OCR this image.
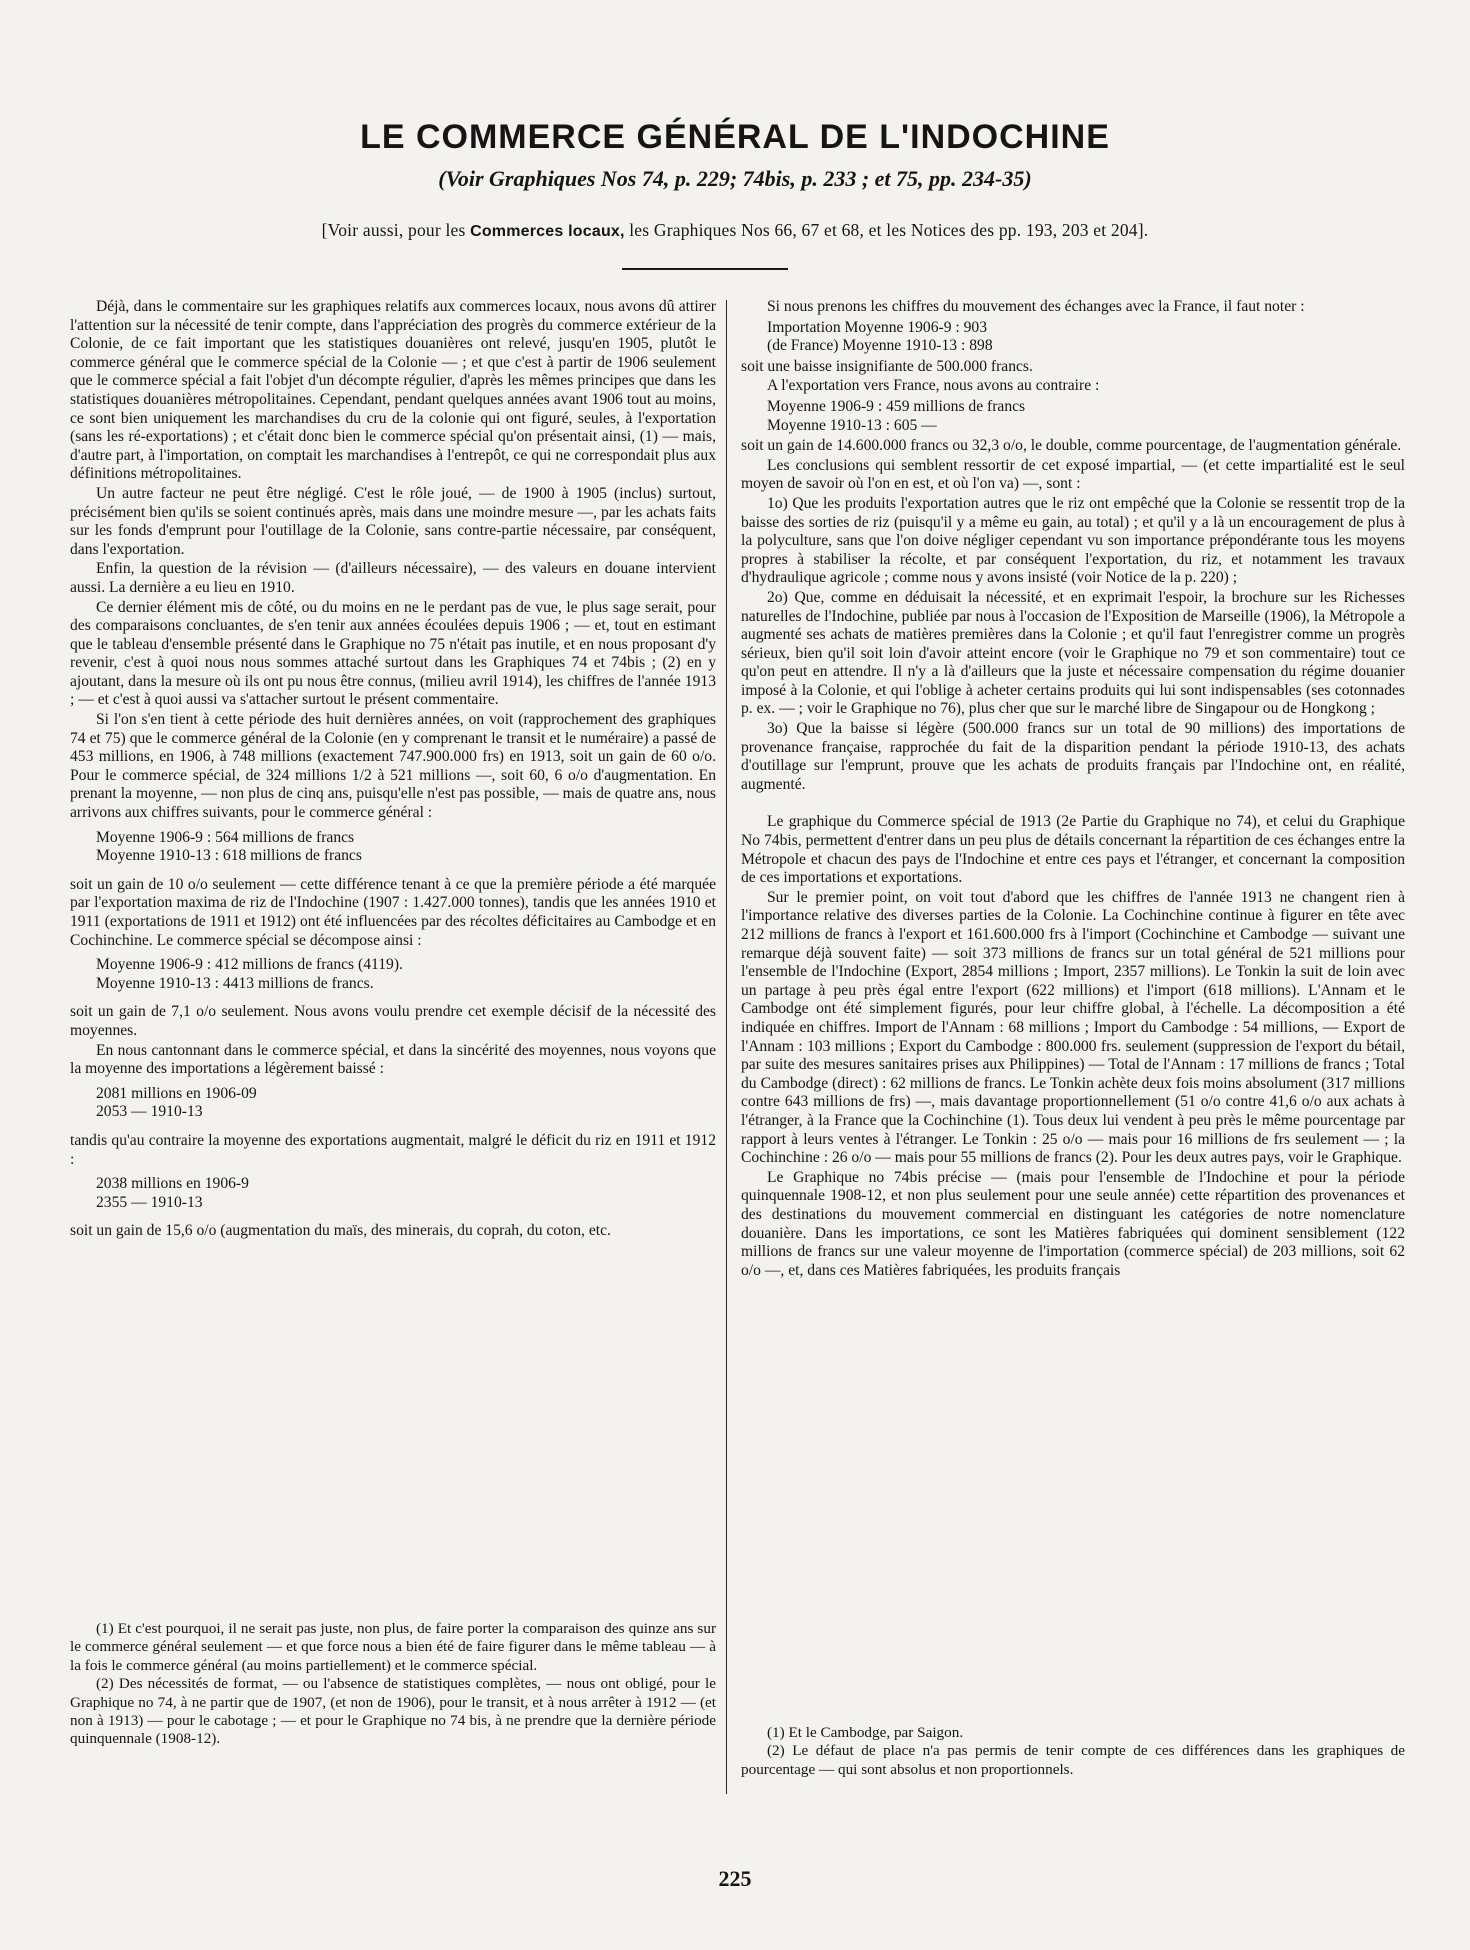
LE COMMERCE GÉNÉRAL DE L'INDOCHINE
(Voir Graphiques Nos 74, p. 229; 74bis, p. 233 ; et 75, pp. 234-35)
[Voir aussi, pour les Commerces locaux, les Graphiques Nos 66, 67 et 68, et les Notices des pp. 193, 203 et 204].

Déjà, dans le commentaire sur les graphiques relatifs aux commerces locaux, nous avons dû attirer l'attention sur la nécessité de tenir compte, dans l'appréciation des progrès du commerce extérieur de la Colonie, de ce fait important que les statistiques douanières ont relevé, jusqu'en 1905, plutôt le commerce général que le commerce spécial de la Colonie — ; et que c'est à partir de 1906 seulement que le commerce spécial a fait l'objet d'un décompte régulier, d'après les mêmes principes que dans les statistiques douanières métropolitaines. Cependant, pendant quelques années avant 1906 tout au moins, ce sont bien uniquement les marchandises du cru de la colonie qui ont figuré, seules, à l'exportation (sans les ré-exportations) ; et c'était donc bien le commerce spécial qu'on présentait ainsi, (1) — mais, d'autre part, à l'importation, on comptait les marchandises à l'entrepôt, ce qui ne correspondait plus aux définitions métropolitaines.

Un autre facteur ne peut être négligé. C'est le rôle joué, — de 1900 à 1905 (inclus) surtout, précisément bien qu'ils se soient continués après, mais dans une moindre mesure —, par les achats faits sur les fonds d'emprunt pour l'outillage de la Colonie, sans contre-partie nécessaire, par conséquent, dans l'exportation.

Enfin, la question de la révision — (d'ailleurs nécessaire), — des valeurs en douane intervient aussi. La dernière a eu lieu en 1910.

Ce dernier élément mis de côté, ou du moins en ne le perdant pas de vue, le plus sage serait, pour des comparaisons concluantes, de s'en tenir aux années écoulées depuis 1906 ; — et, tout en estimant que le tableau d'ensemble présenté dans le Graphique no 75 n'était pas inutile, et en nous proposant d'y revenir, c'est à quoi nous nous sommes attaché surtout dans les Graphiques 74 et 74bis ; (2) en y ajoutant, dans la mesure où ils ont pu nous être connus, (milieu avril 1914), les chiffres de l'année 1913 ; — et c'est à quoi aussi va s'attacher surtout le présent commentaire.

Si l'on s'en tient à cette période des huit dernières années, on voit (rapprochement des graphiques 74 et 75) que le commerce général de la Colonie (en y comprenant le transit et le numéraire) a passé de 453 millions, en 1906, à 748 millions (exactement 747.900.000 frs) en 1913, soit un gain de 60 o/o. Pour le commerce spécial, de 324 millions 1/2 à 521 millions —, soit 60, 6 o/o d'augmentation. En prenant la moyenne, — non plus de cinq ans, puisqu'elle n'est pas possible, — mais de quatre ans, nous arrivons aux chiffres suivants, pour le commerce général :

Moyenne 1906-9 : 564 millions de francs
Moyenne 1910-13 : 618 millions de francs

soit un gain de 10 o/o seulement — cette différence tenant à ce que la première période a été marquée par l'exportation maxima de riz de l'Indochine (1907 : 1.427.000 tonnes), tandis que les années 1910 et 1911 (exportations de 1911 et 1912) ont été influencées par des récoltes déficitaires au Cambodge et en Cochinchine. Le commerce spécial se décompose ainsi :

Moyenne 1906-9 : 412 millions de francs (4119).
Moyenne 1910-13 : 4413 millions de francs.

soit un gain de 7,1 o/o seulement. Nous avons voulu prendre cet exemple décisif de la nécessité des moyennes.

En nous cantonnant dans le commerce spécial, et dans la sincérité des moyennes, nous voyons que la moyenne des importations a légèrement baissé :

2081 millions en 1906-09
2053 — 1910-13

tandis qu'au contraire la moyenne des exportations augmentait, malgré le déficit du riz en 1911 et 1912 :

2038 millions en 1906-9
2355 — 1910-13

soit un gain de 15,6 o/o (augmentation du maïs, des minerais, du coprah, du coton, etc.

Si nous prenons les chiffres du mouvement des échanges avec la France, il faut noter :

Importation Moyenne 1906-9 : 903
(de France) Moyenne 1910-13 : 898

soit une baisse insignifiante de 500.000 francs.

A l'exportation vers France, nous avons au contraire :

Moyenne 1906-9 : 459 millions de francs
Moyenne 1910-13 : 605 —

soit un gain de 14.600.000 francs ou 32,3 o/o, le double, comme pourcentage, de l'augmentation générale.

Les conclusions qui semblent ressortir de cet exposé impartial, — (et cette impartialité est le seul moyen de savoir où l'on en est, et où l'on va) —, sont :

1o) Que les produits l'exportation autres que le riz ont empêché que la Colonie se ressentit trop de la baisse des sorties de riz (puisqu'il y a même eu gain, au total) ; et qu'il y a là un encouragement de plus à la polyculture, sans que l'on doive négliger cependant vu son importance prépondérante tous les moyens propres à stabiliser la récolte, et par conséquent l'exportation, du riz, et notamment les travaux d'hydraulique agricole ; comme nous y avons insisté (voir Notice de la p. 220) ;

2o) Que, comme en déduisait la nécessité, et en exprimait l'espoir, la brochure sur les Richesses naturelles de l'Indochine, publiée par nous à l'occasion de l'Exposition de Marseille (1906), la Métropole a augmenté ses achats de matières premières dans la Colonie ; et qu'il faut l'enregistrer comme un progrès sérieux, bien qu'il soit loin d'avoir atteint encore (voir le Graphique no 79 et son commentaire) tout ce qu'on peut en attendre. Il n'y a là d'ailleurs que la juste et nécessaire compensation du régime douanier imposé à la Colonie, et qui l'oblige à acheter certains produits qui lui sont indispensables (ses cotonnades p. ex. — ; voir le Graphique no 76), plus cher que sur le marché libre de Singapour ou de Hongkong ;

3o) Que la baisse si légère (500.000 francs sur un total de 90 millions) des importations de provenance française, rapprochée du fait de la disparition pendant la période 1910-13, des achats d'outillage sur l'emprunt, prouve que les achats de produits français par l'Indochine ont, en réalité, augmenté.

Le graphique du Commerce spécial de 1913 (2e Partie du Graphique no 74), et celui du Graphique No 74bis, permettent d'entrer dans un peu plus de détails concernant la répartition de ces échanges entre la Métropole et chacun des pays de l'Indochine et entre ces pays et l'étranger, et concernant la composition de ces importations et exportations.

Sur le premier point, on voit tout d'abord que les chiffres de l'année 1913 ne changent rien à l'importance relative des diverses parties de la Colonie. La Cochinchine continue à figurer en tête avec 212 millions de francs à l'export et 161.600.000 frs à l'import (Cochinchine et Cambodge — suivant une remarque déjà souvent faite) — soit 373 millions de francs sur un total général de 521 millions pour l'ensemble de l'Indochine (Export, 2854 millions ; Import, 2357 millions). Le Tonkin la suit de loin avec un partage à peu près égal entre l'export (622 millions) et l'import (618 millions). L'Annam et le Cambodge ont été simplement figurés, pour leur chiffre global, à l'échelle. La décomposition a été indiquée en chiffres. Import de l'Annam : 68 millions ; Import du Cambodge : 54 millions, — Export de l'Annam : 103 millions ; Export du Cambodge : 800.000 frs. seulement (suppression de l'export du bétail, par suite des mesures sanitaires prises aux Philippines) — Total de l'Annam : 17 millions de francs ; Total du Cambodge (direct) : 62 millions de francs. Le Tonkin achète deux fois moins absolument (317 millions contre 643 millions de frs) —, mais davantage proportionnellement (51 o/o contre 41,6 o/o aux achats à l'étranger, à la France que la Cochinchine (1). Tous deux lui vendent à peu près le même pourcentage par rapport à leurs ventes à l'étranger. Le Tonkin : 25 o/o — mais pour 16 millions de frs seulement — ; la Cochinchine : 26 o/o — mais pour 55 millions de francs (2). Pour les deux autres pays, voir le Graphique.

Le Graphique no 74bis précise — (mais pour l'ensemble de l'Indochine et pour la période quinquennale 1908-12, et non plus seulement pour une seule année) cette répartition des provenances et des destinations du mouvement commercial en distinguant les catégories de notre nomenclature douanière. Dans les importations, ce sont les Matières fabriquées qui dominent sensiblement (122 millions de francs sur une valeur moyenne de l'importation (commerce spécial) de 203 millions, soit 62 o/o —, et, dans ces Matières fabriquées, les produits français

(1) Et c'est pourquoi, il ne serait pas juste, non plus, de faire porter la comparaison des quinze ans sur le commerce général seulement — et que force nous a bien été de faire figurer dans le même tableau — à la fois le commerce général (au moins partiellement) et le commerce spécial.

(2) Des nécessités de format, — ou l'absence de statistiques complètes, — nous ont obligé, pour le Graphique no 74, à ne partir que de 1907, (et non de 1906), pour le transit, et à nous arrêter à 1912 — (et non à 1913) — pour le cabotage ; — et pour le Graphique no 74 bis, à ne prendre que la dernière période quinquennale (1908-12).	(1) Et le Cambodge, par Saigon.

(2) Le défaut de place n'a pas permis de tenir compte de ces différences dans les graphiques de pourcentage — qui sont absolus et non proportionnels.

225
